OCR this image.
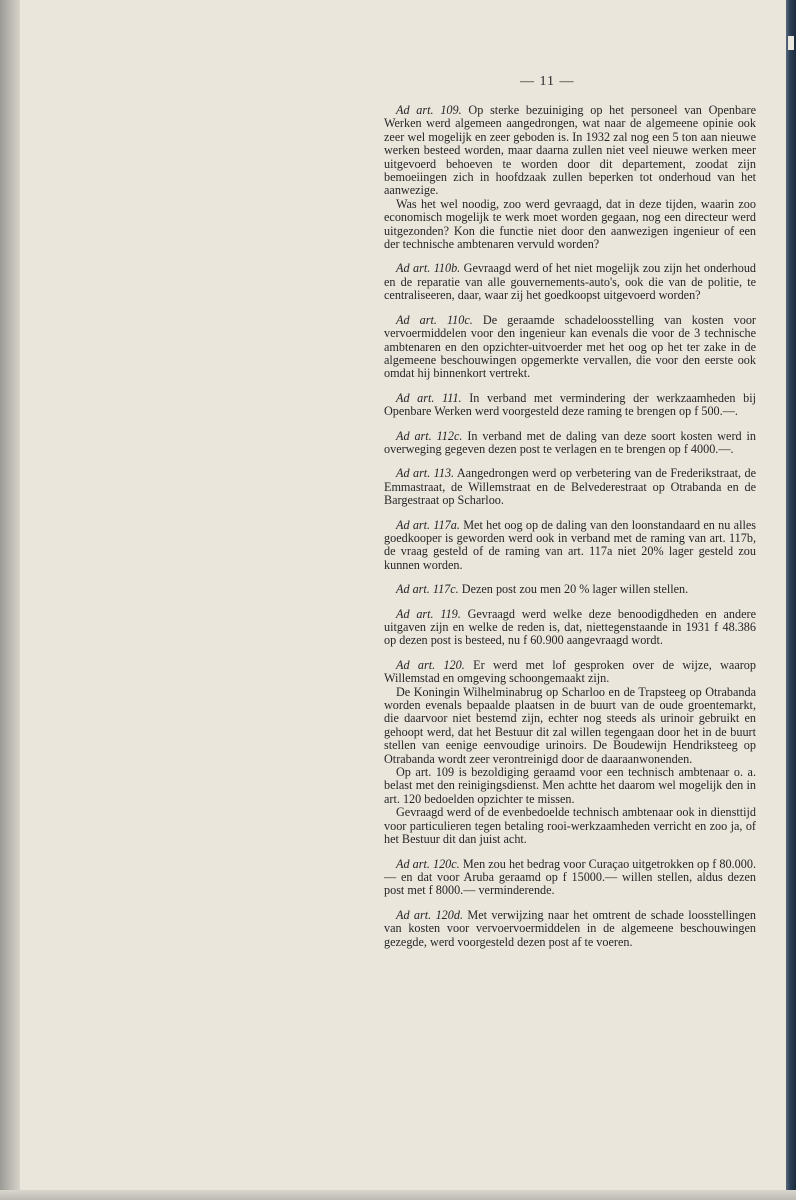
— 11 —

Ad art. 109. Op sterke bezuiniging op het personeel van Openbare Werken werd algemeen aangedrongen, wat naar de algemeene opinie ook zeer wel mogelijk en zeer geboden is. In 1932 zal nog een 5 ton aan nieuwe werken besteed worden, maar daarna zullen niet veel nieuwe werken meer uitgevoerd behoeven te worden door dit departement, zoodat zijn bemoeiingen zich in hoofdzaak zullen beperken tot onderhoud van het aanwezige.

Was het wel noodig, zoo werd gevraagd, dat in deze tijden, waarin zoo economisch mogelijk te werk moet worden gegaan, nog een directeur werd uitgezonden? Kon die functie niet door den aanwezigen ingenieur of een der technische ambtenaren vervuld worden?

Ad art. 110b. Gevraagd werd of het niet mogelijk zou zijn het onderhoud en de reparatie van alle gouvernements-auto's, ook die van de politie, te centraliseeren, daar, waar zij het goedkoopst uitgevoerd worden?

Ad art. 110c. De geraamde schadeloosstelling van kosten voor vervoermiddelen voor den ingenieur kan evenals die voor de 3 technische ambtenaren en den opzichter-uitvoerder met het oog op het ter zake in de algemeene beschouwingen opgemerkte vervallen, die voor den eerste ook omdat hij binnenkort vertrekt.

Ad art. 111. In verband met vermindering der werkzaamheden bij Openbare Werken werd voorgesteld deze raming te brengen op f 500.—.

Ad art. 112c. In verband met de daling van deze soort kosten werd in overweging gegeven dezen post te verlagen en te brengen op f 4000.—.

Ad art. 113. Aangedrongen werd op verbetering van de Frederikstraat, de Emmastraat, de Willemstraat en de Belvederestraat op Otrabanda en de Bargestraat op Scharloo.

Ad art. 117a. Met het oog op de daling van den loonstandaard en nu alles goedkooper is geworden werd ook in verband met de raming van art. 117b, de vraag gesteld of de raming van art. 117a niet 20% lager gesteld zou kunnen worden.

Ad art. 117c. Dezen post zou men 20 % lager willen stellen.

Ad art. 119. Gevraagd werd welke deze benoodigdheden en andere uitgaven zijn en welke de reden is, dat, niettegenstaande in 1931 f 48.386 op dezen post is besteed, nu f 60.900 aangevraagd wordt.

Ad art. 120. Er werd met lof gesproken over de wijze, waarop Willemstad en omgeving schoongemaakt zijn.

De Koningin Wilhelminabrug op Scharloo en de Trapsteeg op Otrabanda worden evenals bepaalde plaatsen in de buurt van de oude groentemarkt, die daarvoor niet bestemd zijn, echter nog steeds als urinoir gebruikt en gehoopt werd, dat het Bestuur dit zal willen tegengaan door het in de buurt stellen van eenige eenvoudige urinoirs. De Boudewijn Hendriksteeg op Otrabanda wordt zeer verontreinigd door de daaraanwonenden.

Op art. 109 is bezoldiging geraamd voor een technisch ambtenaar o. a. belast met den reinigingsdienst. Men achtte het daarom wel mogelijk den in art. 120 bedoelden opzichter te missen.

Gevraagd werd of de evenbedoelde technisch ambtenaar ook in diensttijd voor particulieren tegen betaling rooi-werkzaamheden verricht en zoo ja, of het Bestuur dit dan juist acht.

Ad art. 120c. Men zou het bedrag voor Curaçao uitgetrokken op f 80.000.— en dat voor Aruba geraamd op f 15000.— willen stellen, aldus dezen post met f 8000.— verminderende.

Ad art. 120d. Met verwijzing naar het omtrent de schade loosstellingen van kosten voor vervoervoermiddelen in de algemeene beschouwingen gezegde, werd voorgesteld dezen post af te voeren.
